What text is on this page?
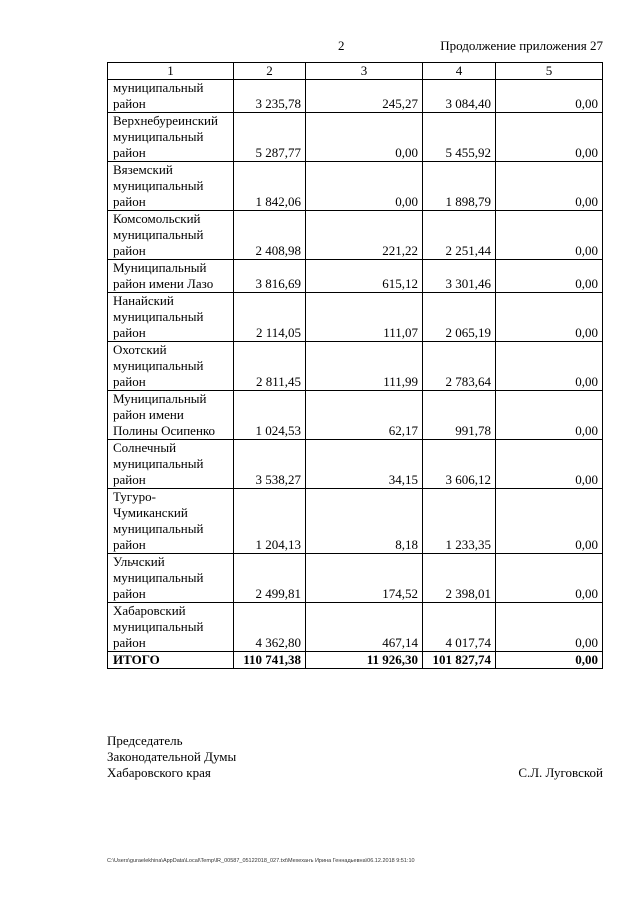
2	Продолжение приложения 27
1	2	3	4	5
муниципальный
район	3 235,78	245,27	3 084,40	0,00
Верхнебуреинский
муниципальный
район	5 287,77	0,00	5 455,92	0,00
Вяземский
муниципальный
район	1 842,06	0,00	1 898,79	0,00
Комсомольский
муниципальный
район	2 408,98	221,22	2 251,44	0,00
Муниципальный
район имени Лазо	3 816,69	615,12	3 301,46	0,00
Нанайский
муниципальный
район	2 114,05	111,07	2 065,19	0,00
Охотский
муниципальный
район	2 811,45	111,99	2 783,64	0,00
Муниципальный
район имени
Полины Осипенко	1 024,53	62,17	991,78	0,00
Солнечный
муниципальный
район	3 538,27	34,15	3 606,12	0,00
Тугуро-
Чумиканский
муниципальный
район	1 204,13	8,18	1 233,35	0,00
Ульчский
муниципальный
район	2 499,81	174,52	2 398,01	0,00
Хабаровский
муниципальный
район	4 362,80	467,14	4 017,74	0,00
ИТОГО	110 741,38	11 926,30	101 827,74	0,00
Председатель
Законодательной Думы
Хабаровского края	С.Л. Луговской
C:\Users\guraelekhina\AppData\Local\Temp\IR_00587_05122018_027.txt\Мехеханъ Ирина Геннадьевна\06.12.2018 9:51:10
